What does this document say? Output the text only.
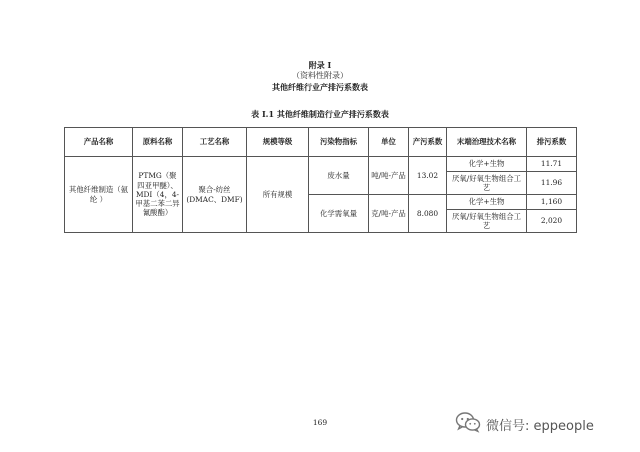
附录 I
（资料性附录）
其他纤维行业产排污系数表
表 I.1 其他纤维制造行业产排污系数表
产品名称	原料名称	工艺名称	规模等级	污染物指标	单位	产污系数	末端治理技术名称	排污系数
其他纤维制造（氨纶 ）	PTMG（聚四亚甲醚）、MDI（4，4-甲基二苯二异氰酸酯）	聚合-纺丝(DMAC、DMF)	所有规模	废水量	吨/吨-产品	13.02	化学+生物	11.71
							厌氧/好氧生物组合工艺	11.96
				化学需氧量	克/吨-产品	8.080	化学+生物	1,160
							厌氧/好氧生物组合工艺	2,020
169	微信号: eppeople
